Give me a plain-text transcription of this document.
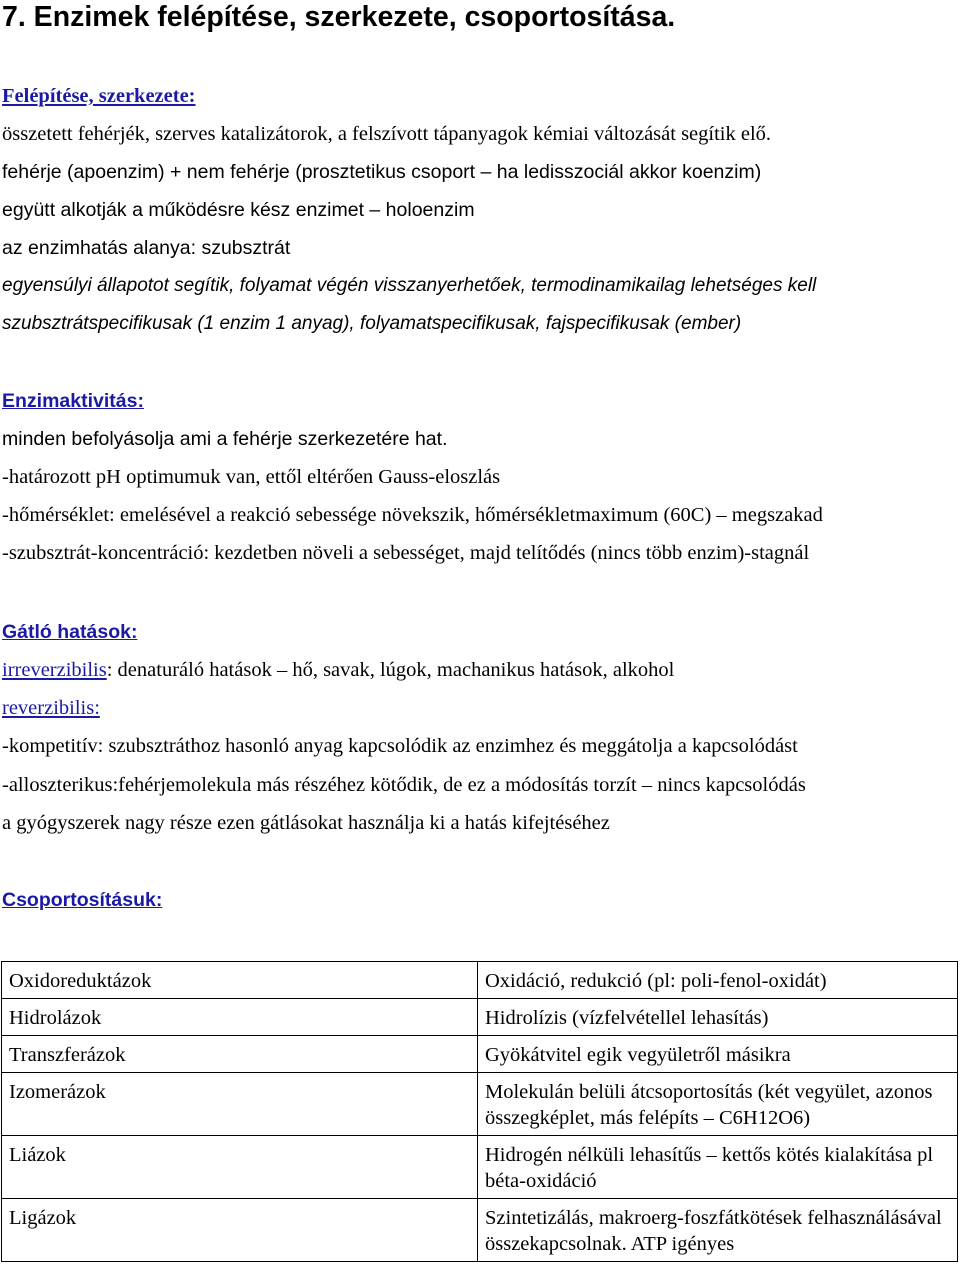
7. Enzimek felépítése, szerkezete, csoportosítása.
Felépítése, szerkezete:
összetett fehérjék, szerves katalizátorok, a felszívott tápanyagok kémiai változását segítik elő.
fehérje (apoenzim) + nem fehérje (prosztetikus csoport – ha ledisszociál akkor koenzim)
együtt alkotják a működésre kész enzimet – holoenzim
az enzimhatás alanya: szubsztrát
egyensúlyi állapotot segítik, folyamat végén visszanyerhetőek, termodinamikailag lehetséges kell
szubsztrátspecifikusak (1 enzim 1 anyag), folyamatspecifikusak, fajspecifikusak (ember)
Enzimaktivitás:
minden befolyásolja ami a fehérje szerkezetére hat.
-határozott pH optimumuk van, ettől eltérően Gauss-eloszlás
-hőmérséklet: emelésével a reakció sebessége növekszik, hőmérsékletmaximum (60C) – megszakad
-szubsztrát-koncentráció: kezdetben növeli a sebességet, majd telítődés (nincs több enzim)-stagnál
Gátló hatások:
irreverzibilis: denaturáló hatások – hő, savak, lúgok, machanikus hatások, alkohol
reverzibilis:
-kompetitív: szubsztráthoz hasonló anyag kapcsolódik az enzimhez és meggátolja a kapcsolódást
-alloszterikus:fehérjemolekula más részéhez kötődik, de ez a módosítás torzít – nincs kapcsolódás
a gyógyszerek nagy része ezen gátlásokat használja ki a hatás kifejtéséhez
Csoportosításuk:
Oxidoreduktázok	Oxidáció, redukció (pl: poli-fenol-oxidát)
Hidrolázok	Hidrolízis (vízfelvétellel lehasítás)
Transzferázok	Gyökátvitel egik vegyületről másikra
Izomerázok	Molekulán belüli átcsoportosítás (két vegyület, azonos összegképlet, más felépíts – C6H12O6)
Liázok	Hidrogén nélküli lehasítűs – kettős kötés kialakítása pl béta-oxidáció
Ligázok	Szintetizálás, makroerg-foszfátkötések felhasználásával összekapcsolnak. ATP igényes
